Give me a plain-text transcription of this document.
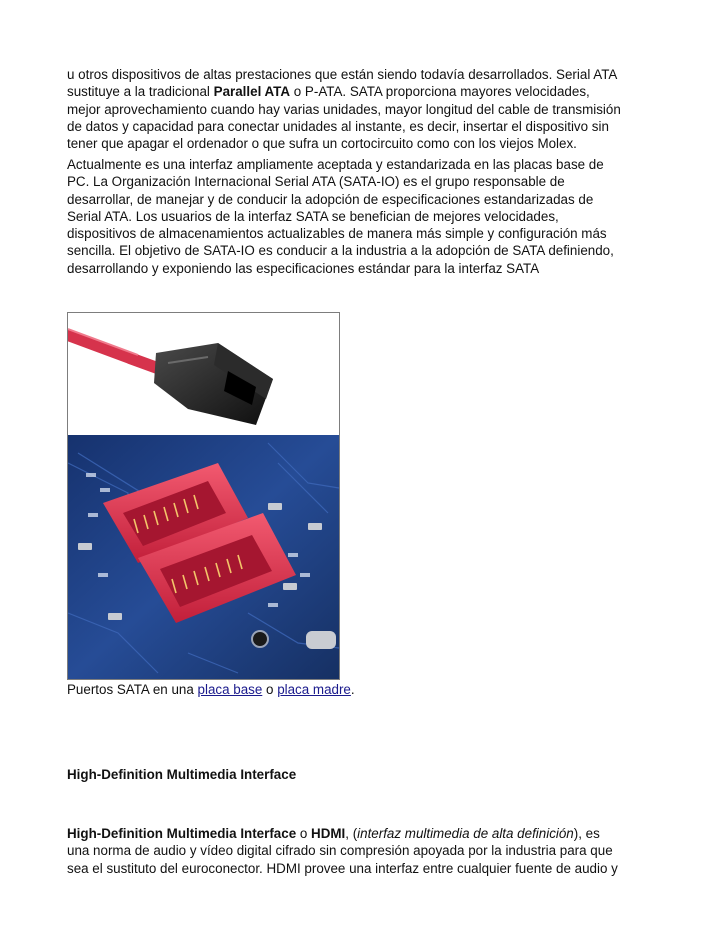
u otros dispositivos de altas prestaciones que están siendo todavía desarrollados. Serial ATA
sustituye a la tradicional Parallel ATA o P-ATA. SATA proporciona mayores velocidades,
mejor aprovechamiento cuando hay varias unidades, mayor longitud del cable de transmisión
de datos y capacidad para conectar unidades al instante, es decir, insertar el dispositivo sin
tener que apagar el ordenador o que sufra un cortocircuito como con los viejos Molex.

Actualmente es una interfaz ampliamente aceptada y estandarizada en las placas base de
PC. La Organización Internacional Serial ATA (SATA-IO) es el grupo responsable de
desarrollar, de manejar y de conducir la adopción de especificaciones estandarizadas de
Serial ATA. Los usuarios de la interfaz SATA se benefician de mejores velocidades,
dispositivos de almacenamientos actualizables de manera más simple y configuración más
sencilla. El objetivo de SATA-IO es conducir a la industria a la adopción de SATA definiendo,
desarrollando y exponiendo las especificaciones estándar para la interfaz SATA

Puertos SATA en una placa base o placa madre.

High-Definition Multimedia Interface

High-Definition Multimedia Interface o HDMI, (interfaz multimedia de alta definición), es
una norma de audio y vídeo digital cifrado sin compresión apoyada por la industria para que
sea el sustituto del euroconector. HDMI provee una interfaz entre cualquier fuente de audio y
